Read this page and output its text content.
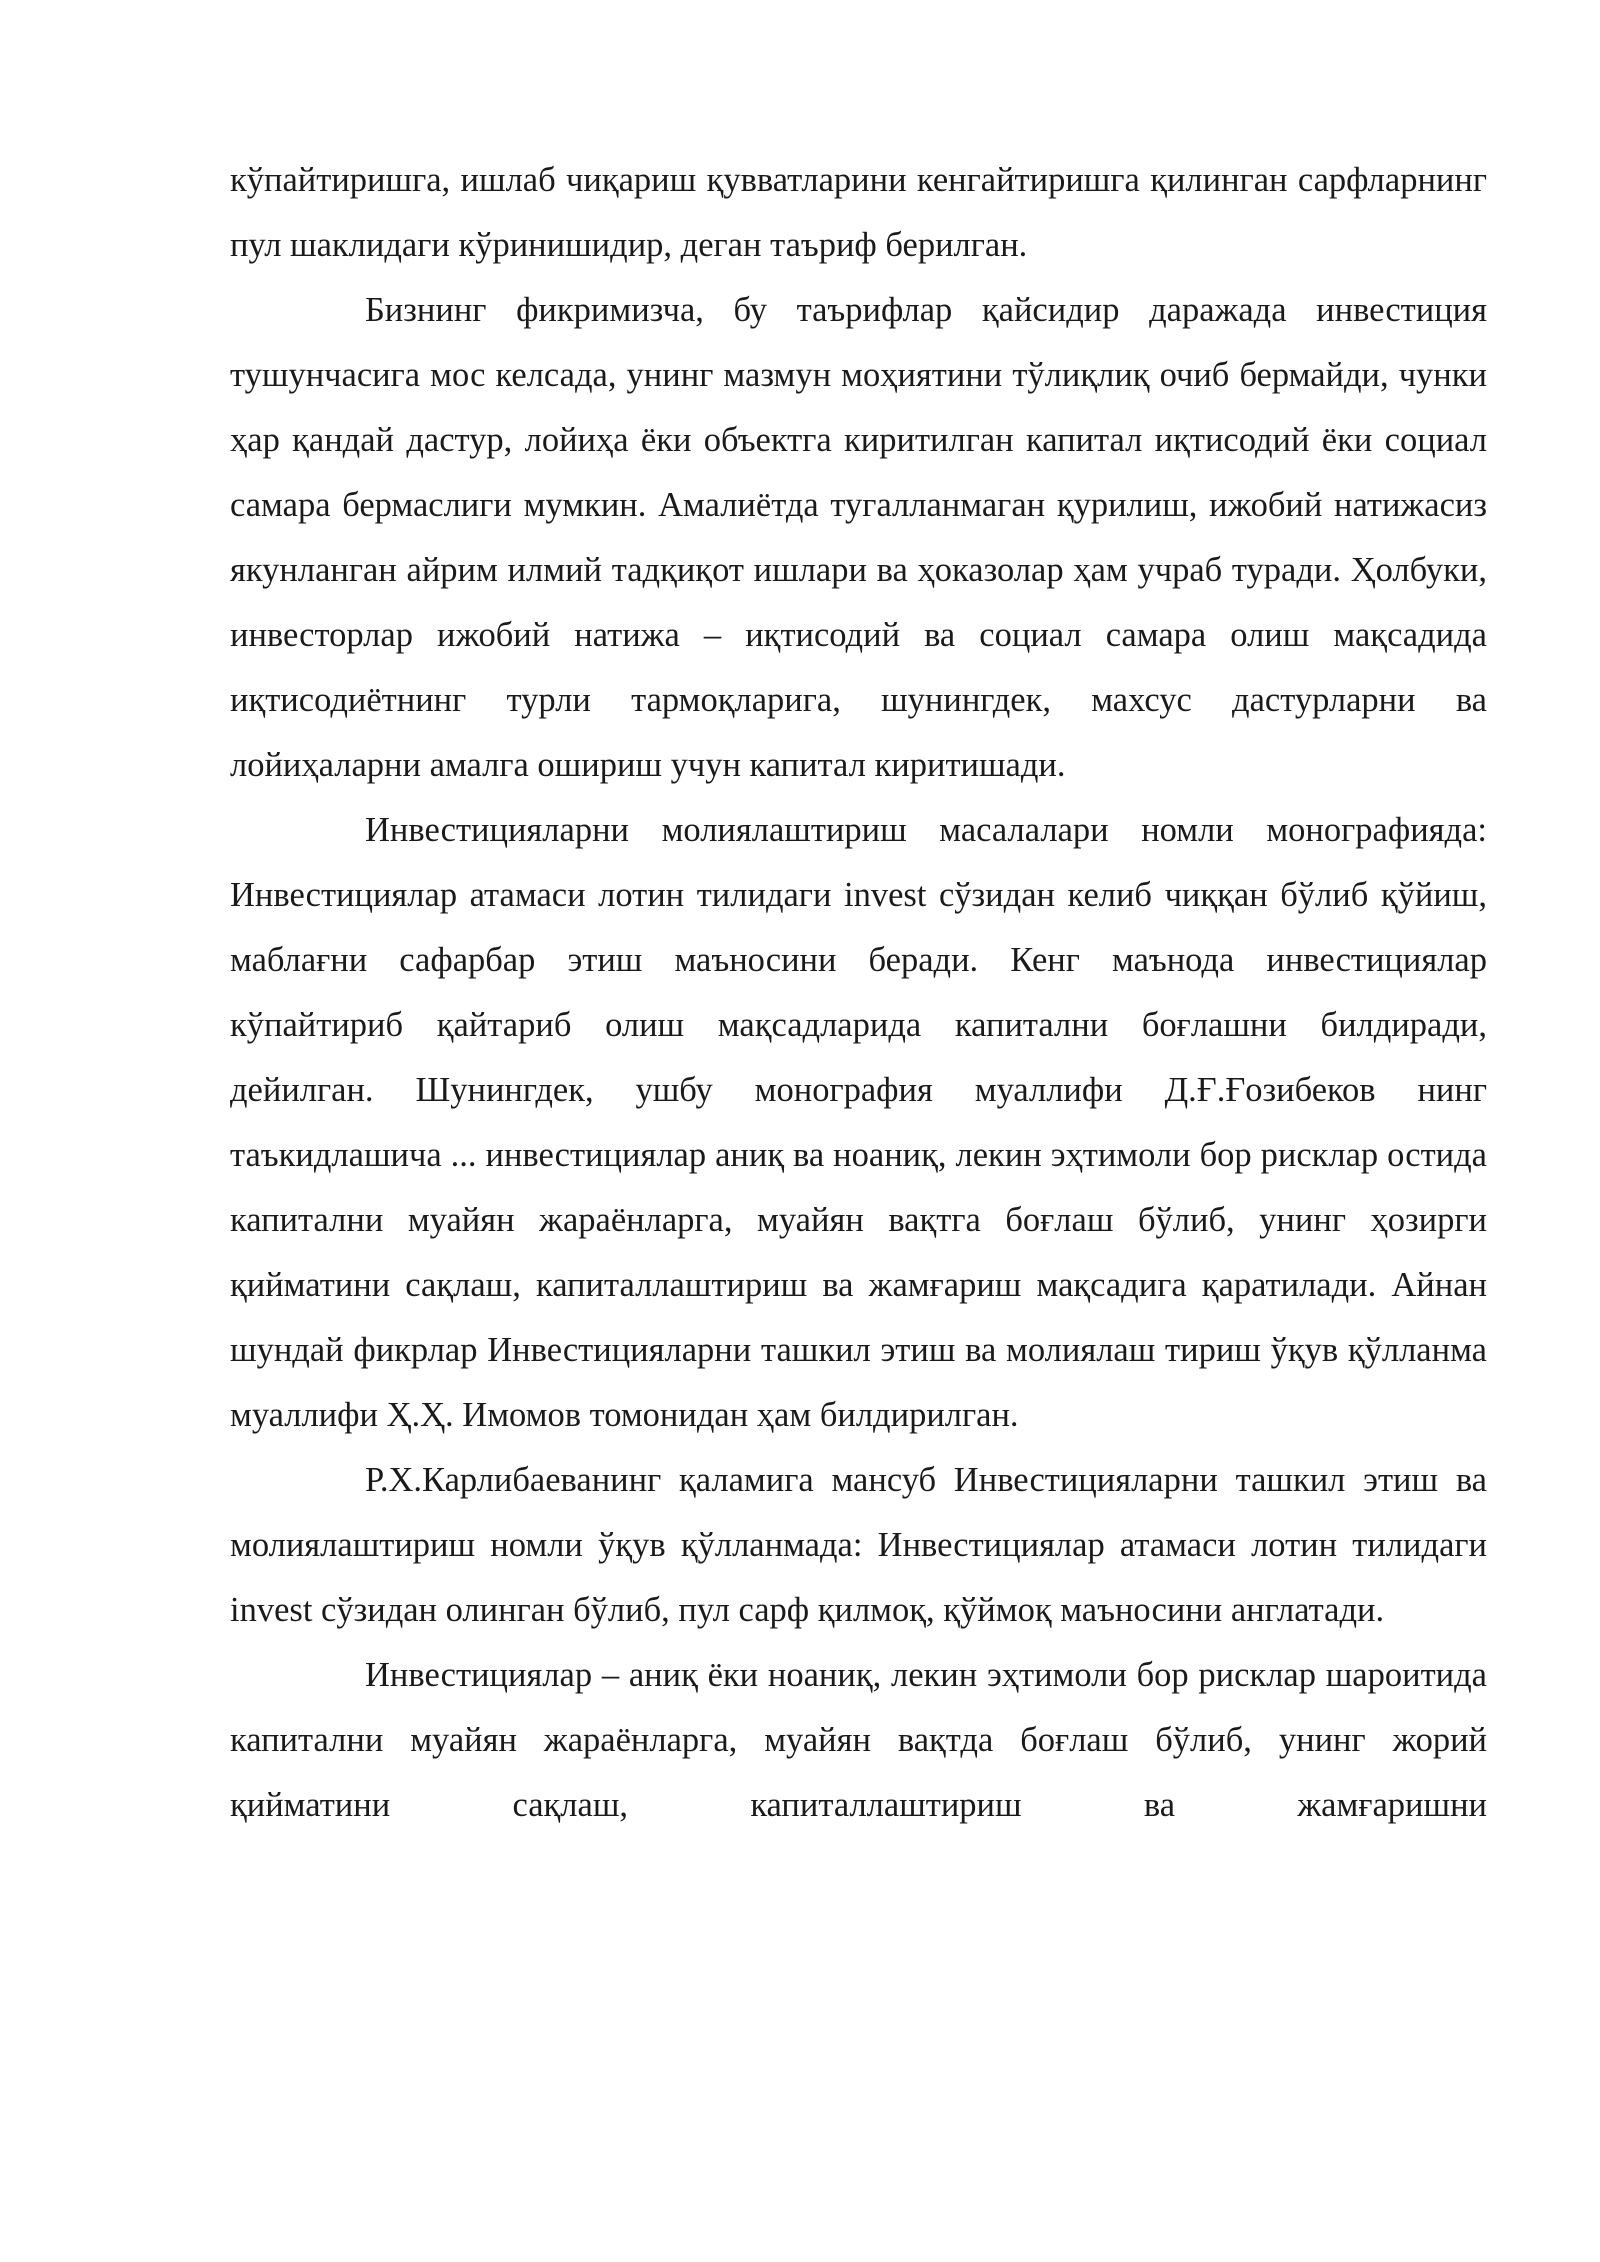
кўпайтиришга, ишлаб чиқариш қувватларини кенгайтиришга қилинган сарфларнинг пул шаклидаги кўринишидир, деган таъриф берилган.

Бизнинг фикримизча, бу таърифлар қайсидир даражада инвестиция тушунчасига мос келсада, унинг мазмун моҳиятини тўлиқлиқ очиб бермайди, чунки ҳар қандай дастур, лойиҳа ёки объектга киритилган капитал иқтисодий ёки социал самара бермаслиги мумкин. Амалиётда тугалланмаган қурилиш, ижобий натижасиз якунланган айрим илмий тадқиқот ишлари ва ҳоказолар ҳам учраб туради. Ҳолбуки, инвесторлар ижобий натижа – иқтисодий ва социал самара олиш мақсадида иқтисодиётнинг турли тармоқларига, шунингдек, махсус дастурларни ва лойиҳаларни амалга ошириш учун капитал киритишади.

Инвестицияларни молиялаштириш масалалари номли монографияда: Инвестициялар атамаси лотин тилидаги invest сўзидан келиб чиққан бўлиб қўйиш, маблағни сафарбар этиш маъносини беради. Кенг маънода инвестициялар кўпайтириб қайтариб олиш мақсадларида капитални боғлашни билдиради, дейилган. Шунингдек, ушбу монография муаллифи Д.Ғ.Ғозибеков нинг таъкидлашича ... инвестициялар аниқ ва ноаниқ, лекин эҳтимоли бор рисклар остида капитални муайян жараёнларга, муайян вақтга боғлаш бўлиб, унинг ҳозирги қийматини сақлаш, капиталлаштириш ва жамғариш мақсадига қаратилади. Айнан шундай фикрлар Инвестицияларни ташкил этиш ва молиялаш тириш ўқув қўлланма муаллифи Ҳ.Ҳ. Имомов томонидан ҳам билдирилган.

Р.Х.Карлибаеванинг қаламига мансуб Инвестицияларни ташкил этиш ва молиялаштириш номли ўқув қўлланмада: Инвестициялар атамаси лотин тилидаги invest сўзидан олинган бўлиб, пул сарф қилмоқ, қўймоқ маъносини англатади.

Инвестициялар – аниқ ёки ноаниқ, лекин эҳтимоли бор рисклар шароитида капитални муайян жараёнларга, муайян вақтда боғлаш бўлиб, унинг жорий қийматини сақлаш, капиталлаштириш ва жамғаришни
